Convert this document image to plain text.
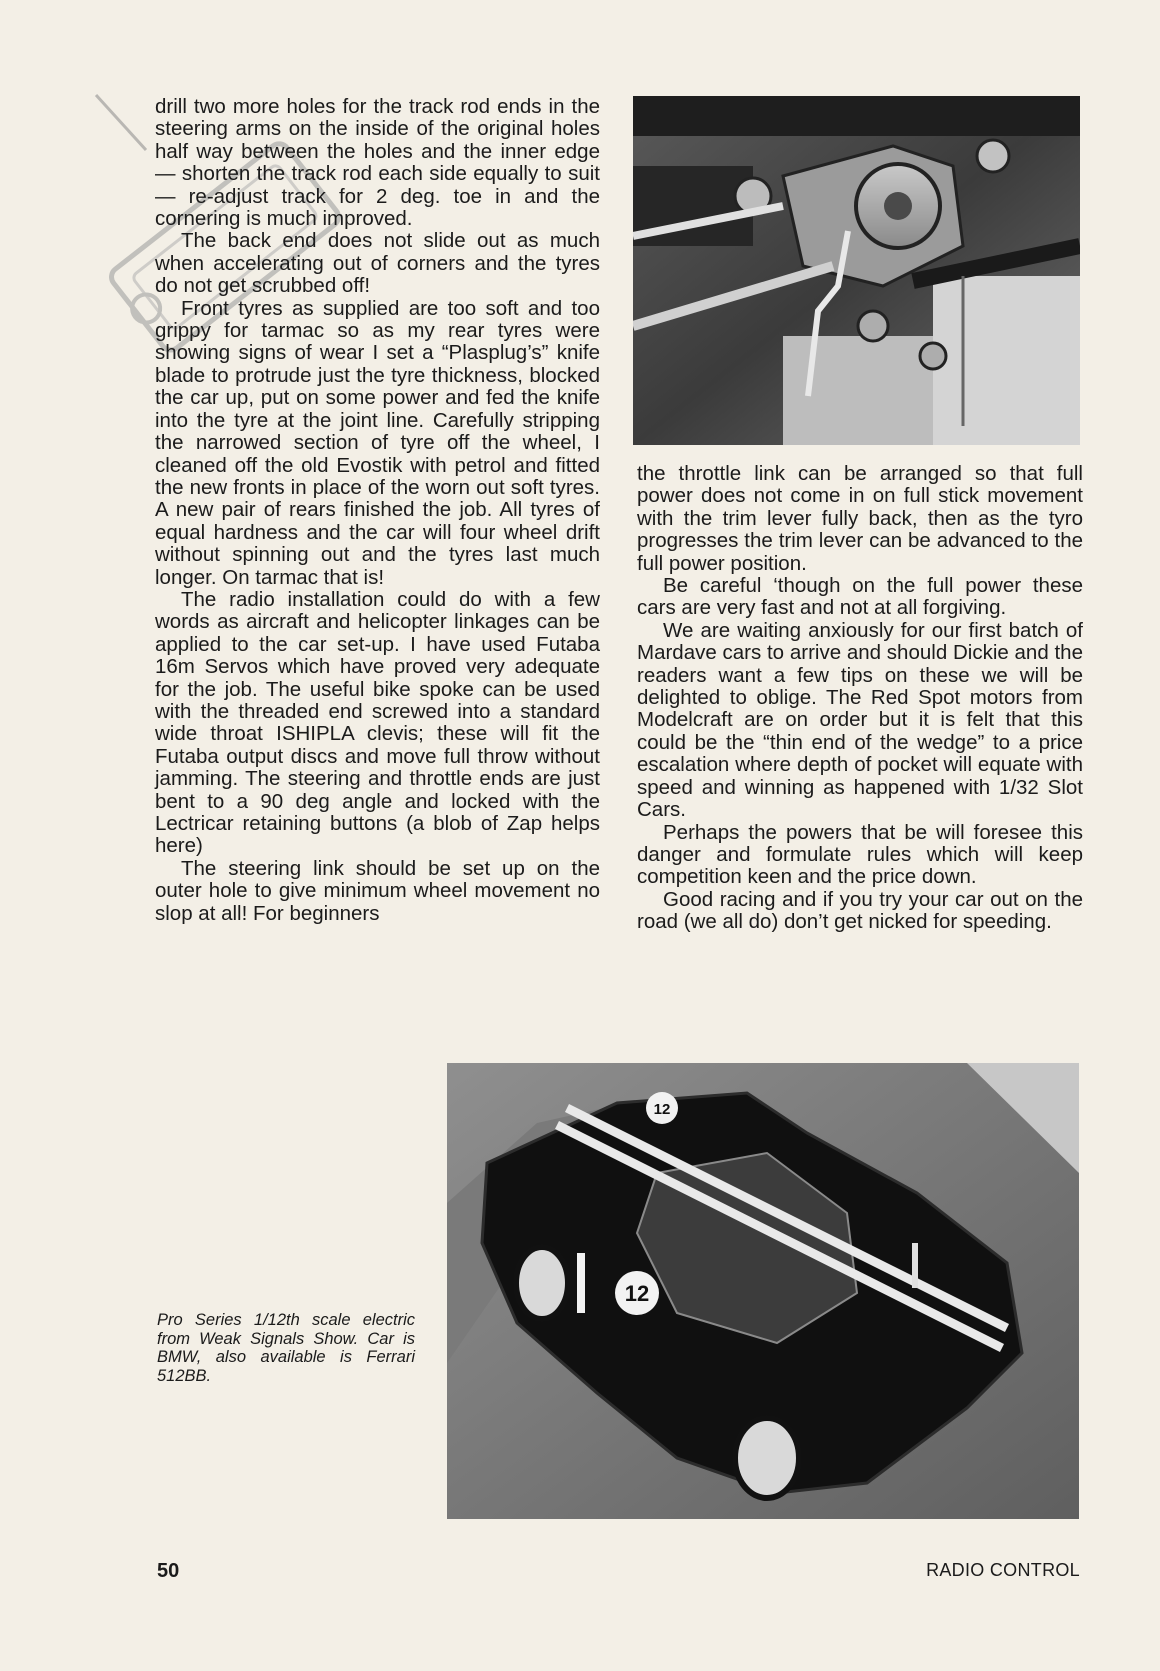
drill two more holes for the track rod ends in the steering arms on the inside of the original holes half way between the holes and the inner edge — shorten the track rod each side equally to suit — re-adjust track for 2 deg. toe in and the cornering is much improved.

The back end does not slide out as much when accelerating out of corners and the tyres do not get scrubbed off!

Front tyres as supplied are too soft and too grippy for tarmac so as my rear tyres were showing signs of wear I set a “Plasplug’s” knife blade to protrude just the tyre thickness, blocked the car up, put on some power and fed the knife into the tyre at the joint line. Carefully stripping the narrowed section of tyre off the wheel, I cleaned off the old Evostik with petrol and fitted the new fronts in place of the worn out soft tyres. A new pair of rears finished the job. All tyres of equal hardness and the car will four wheel drift without spinning out and the tyres last much longer. On tarmac that is!

The radio installation could do with a few words as aircraft and helicopter linkages can be applied to the car set-up. I have used Futaba 16m Servos which have proved very adequate for the job. The useful bike spoke can be used with the threaded end screwed into a standard wide throat ISHIPLA clevis; these will fit the Futaba output discs and move full throw without jamming. The steering and throttle ends are just bent to a 90 deg angle and locked with the Lectricar retaining buttons (a blob of Zap helps here)

The steering link should be set up on the outer hole to give minimum wheel movement no slop at all! For beginners

the throttle link can be arranged so that full power does not come in on full stick movement with the trim lever fully back, then as the tyro progresses the trim lever can be advanced to the full power position.

Be careful ‘though on the full power these cars are very fast and not at all forgiving.

We are waiting anxiously for our first batch of Mardave cars to arrive and should Dickie and the readers want a few tips on these we will be delighted to oblige. The Red Spot motors from Modelcraft are on order but it is felt that this could be the “thin end of the wedge” to a price escalation where depth of pocket will equate with speed and winning as happened with 1/32 Slot Cars.

Perhaps the powers that be will foresee this danger and formulate rules which will keep competition keen and the price down.

Good racing and if you try your car out on the road (we all do) don’t get nicked for speeding.

12
12
Pro Series 1/12th scale electric from Weak Signals Show. Car is BMW, also available is Ferrari 512BB.
50	RADIO CONTROL
